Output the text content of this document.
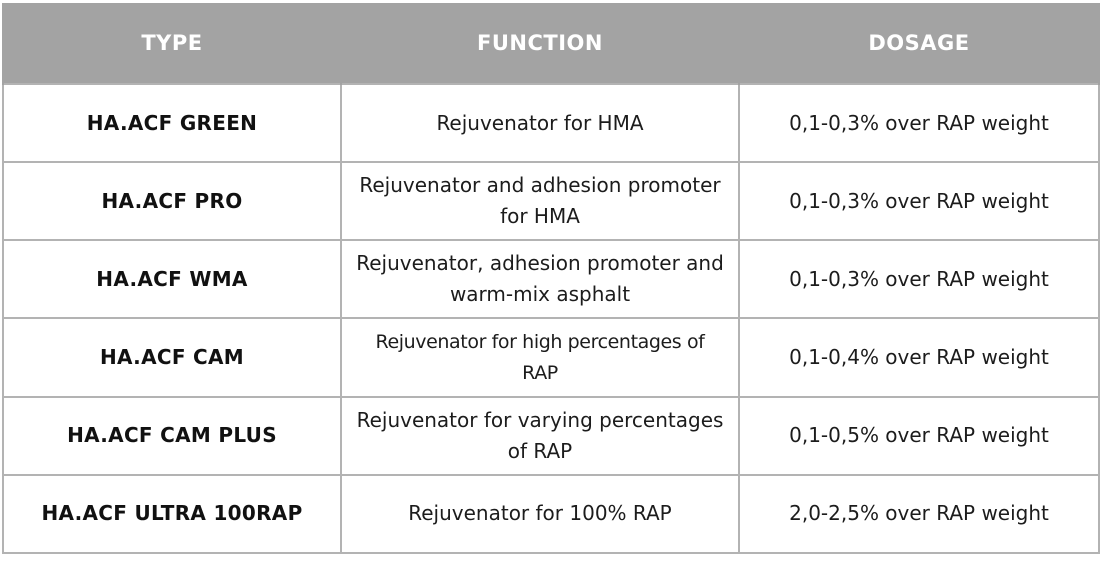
TYPE	FUNCTION	DOSAGE
HA.ACF GREEN	Rejuvenator for HMA	0,1-0,3% over RAP weight
HA.ACF PRO	Rejuvenator and adhesion promoter for HMA	0,1-0,3% over RAP weight
HA.ACF WMA	Rejuvenator, adhesion promoter and warm-mix asphalt	0,1-0,3% over RAP weight
HA.ACF CAM	Rejuvenator for high percentages of RAP	0,1-0,4% over RAP weight
HA.ACF CAM PLUS	Rejuvenator for varying percentages of RAP	0,1-0,5% over RAP weight
HA.ACF ULTRA 100RAP	Rejuvenator for 100% RAP	2,0-2,5% over RAP weight
